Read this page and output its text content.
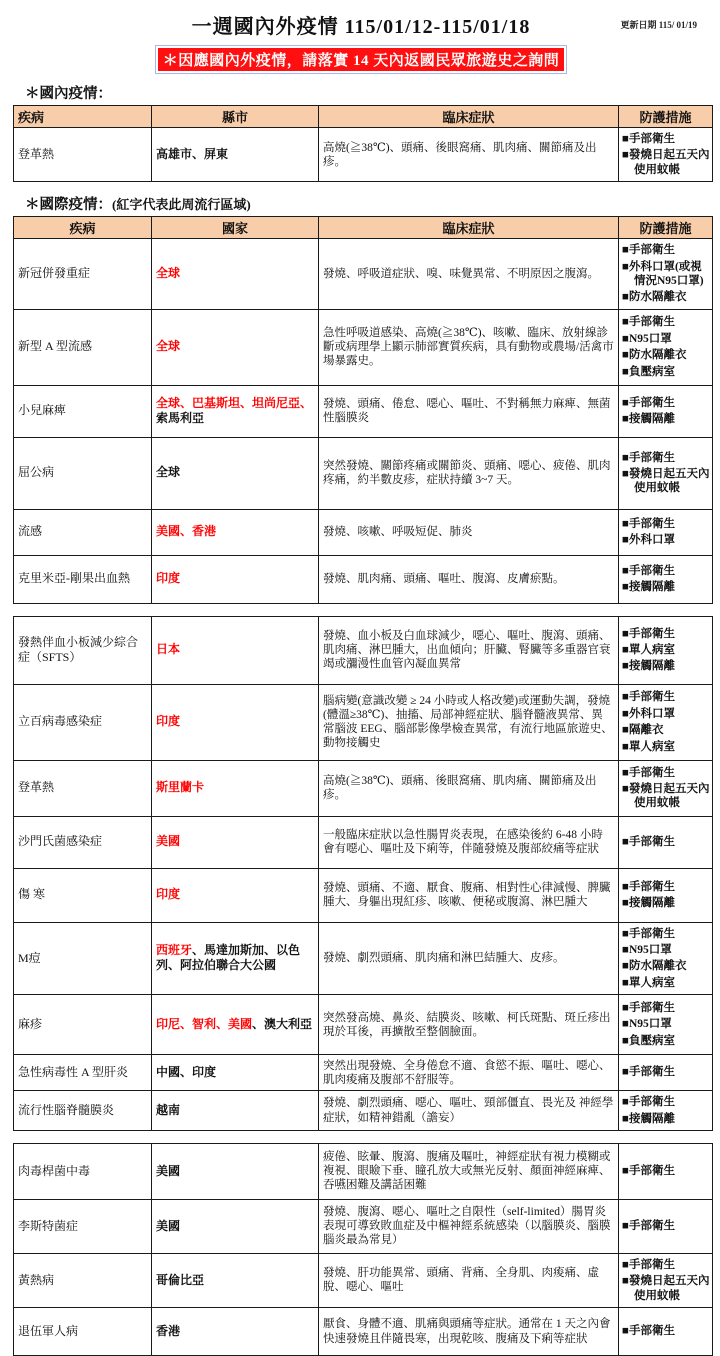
一週國內外疫情 115/01/12-115/01/18	更新日期 115/ 01/19
＊因應國內外疫情，請落實 14 天內返國民眾旅遊史之詢問
＊國內疫情：
疾病	縣市	臨床症狀	防護措施
登革熱	高雄市、屏東	高燒(≧38℃)、頭痛、後眼窩痛、肌肉痛、關節痛及出疹。	■手部衛生
■發燒日起五天內使用蚊帳
＊國際疫情：(紅字代表此周流行區域)
疾病	國家	臨床症狀	防護措施
新冠併發重症	全球	發燒、呼吸道症狀、嗅、味覺異常、不明原因之腹瀉。	■手部衛生
■外科口罩(或視情況N95口罩)
■防水隔離衣

新型 A 型流感	全球	急性呼吸道感染、高燒(≧38℃)、咳嗽、臨床、放射線診斷或病理學上顯示肺部實質疾病，具有動物或農場/活禽市場暴露史。	■手部衛生
■N95口罩
■防水隔離衣
■負壓病室

小兒麻痺	全球、巴基斯坦、坦尚尼亞、索馬利亞	發燒、頭痛、倦怠、噁心、嘔吐、不對稱無力麻痺、無菌性腦膜炎	■手部衛生
■接觸隔離

屈公病	全球	突然發燒、關節疼痛或關節炎、頭痛、噁心、疲倦、肌肉疼痛，約半數皮疹，症狀持續 3~7 天。	■手部衛生
■發燒日起五天內使用蚊帳

流感	美國、香港	發燒、咳嗽、呼吸短促、肺炎	■手部衛生
■外科口罩

克里米亞-剛果出血熱	印度	發燒、肌肉痛、頭痛、嘔吐、腹瀉、皮膚瘀點。	■手部衛生
■接觸隔離
發熱伴血小板減少綜合症（SFTS）	日本	發燒、血小板及白血球減少，噁心、嘔吐、腹瀉、頭痛、肌肉痛、淋巴腫大，出血傾向；肝臟、腎臟等多重器官衰竭或瀰漫性血管內凝血異常	■手部衛生
■單人病室
■接觸隔離

立百病毒感染症	印度	腦病變(意識改變 ≥ 24 小時或人格改變)或運動失調，發燒(體溫≥38℃)、抽搐、局部神經症狀、腦脊髓液異常、異常腦波 EEG、腦部影像學檢查異常，有流行地區旅遊史、動物接觸史	■手部衛生
■外科口罩
■隔離衣
■單人病室

登革熱	斯里蘭卡	高燒(≧38℃)、頭痛、後眼窩痛、肌肉痛、關節痛及出疹。	■手部衛生
■發燒日起五天內使用蚊帳

沙門氏菌感染症	美國	一般臨床症狀以急性腸胃炎表現，在感染後約 6-48 小時會有噁心、嘔吐及下痢等，伴隨發燒及腹部絞痛等症狀	■手部衛生

傷 寒	印度	發燒、頭痛、不適、厭食、腹痛、相對性心律減慢、脾臟腫大、身軀出現紅疹、咳嗽、便秘或腹瀉、淋巴腫大	■手部衛生
■接觸隔離

M痘	西班牙、馬達加斯加、以色列、阿拉伯聯合大公國	發燒、劇烈頭痛、肌肉痛和淋巴結腫大、皮疹。	■手部衛生
■N95口罩
■防水隔離衣
■單人病室

麻疹	印尼、智利、美國、澳大利亞	突然發高燒、鼻炎、結膜炎、咳嗽、柯氏斑點、斑丘疹出現於耳後，再擴散至整個臉面。	■手部衛生
■N95口罩
■負壓病室

急性病毒性 A 型肝炎	中國、印度	突然出現發燒、全身倦怠不適、食慾不振、嘔吐、噁心、肌肉痠痛及腹部不舒服等。	■手部衛生

流行性腦脊髓膜炎	越南	發燒、劇烈頭痛、噁心、嘔吐、頸部僵直、畏光及 神經學症狀，如精神錯亂（譫妄）	■手部衛生
■接觸隔離
肉毒桿菌中毒	美國	疲倦、眩暈、腹瀉、腹痛及嘔吐，神經症狀有視力模糊或複視、眼瞼下垂、瞳孔放大或無光反射、顏面神經麻痺、吞嚥困難及講話困難	■手部衛生

李斯特菌症	美國	發燒、腹瀉、噁心、嘔吐之自限性（self-limited）腸胃炎表現可導致敗血症及中樞神經系統感染（以腦膜炎、腦膜腦炎最為常見）	■手部衛生

黃熱病	哥倫比亞	發燒、肝功能異常、頭痛、背痛、全身肌、肉痠痛、虛脫、噁心、嘔吐	■手部衛生
■發燒日起五天內使用蚊帳

退伍軍人病	香港	厭食、身體不適、肌痛與頭痛等症狀。通常在 1 天之內會快速發燒且伴隨畏寒，出現乾咳、腹痛及下痢等症狀	■手部衛生
